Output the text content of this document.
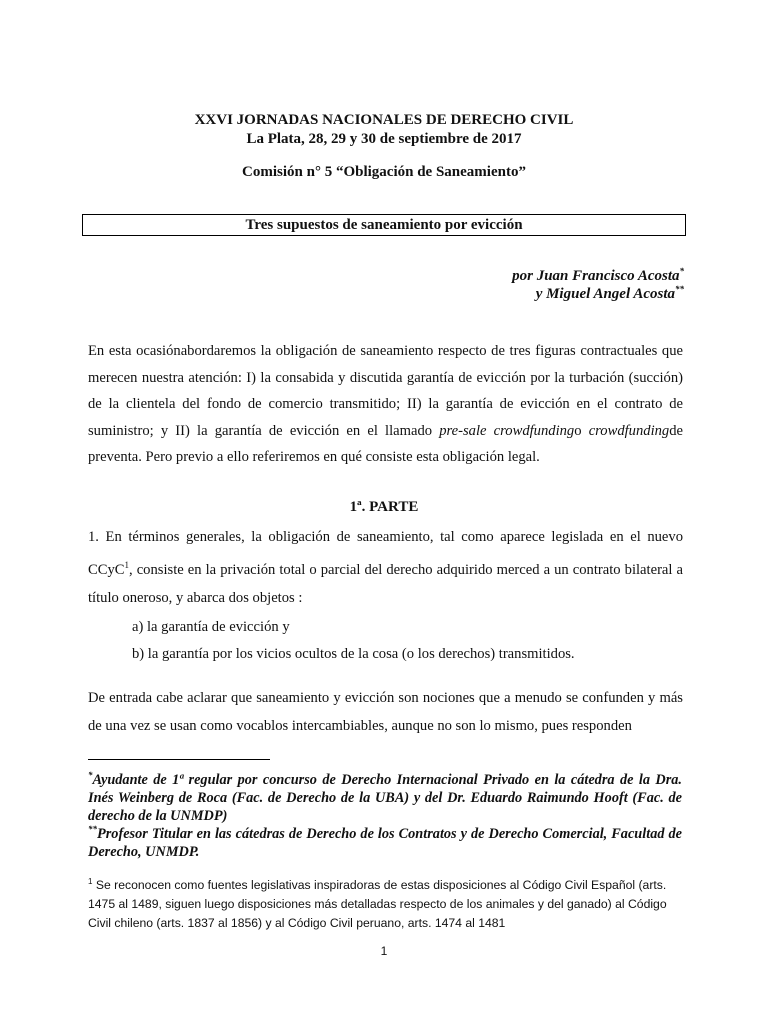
XXVI JORNADAS NACIONALES DE DERECHO CIVIL
La Plata, 28, 29 y 30 de septiembre de 2017
Comisión n° 5 “Obligación de Saneamiento”
Tres supuestos de saneamiento por evicción
por Juan Francisco Acosta*
y Miguel Angel Acosta**
En esta ocasiónabordaremos la obligación de saneamiento respecto de tres figuras contractuales que merecen nuestra atención: I) la consabida y discutida garantía de evicción por la turbación (succión) de la clientela del fondo de comercio transmitido; II) la garantía de evicción en el contrato de suministro; y II) la garantía de evicción en el llamado pre-sale crowdfundingo crowdfundingde preventa. Pero previo a ello referiremos en qué consiste esta obligación legal.
1ª. PARTE
1. En términos generales, la obligación de saneamiento, tal como aparece legislada en el nuevo CCyC$^1$, consiste en la privación total o parcial del derecho adquirido merced a un contrato bilateral a título oneroso, y abarca dos objetos :
a) la garantía de evicción y
b) la garantía por los vicios ocultos de la cosa (o los derechos) transmitidos.
De entrada cabe aclarar que saneamiento y evicción son nociones que a menudo se confunden y más de una vez se usan como vocablos intercambiables, aunque no son lo mismo, pues responden
*Ayudante de 1ª regular por concurso de Derecho Internacional Privado en la cátedra de la Dra. Inés Weinberg de Roca (Fac. de Derecho de la UBA) y del Dr. Eduardo Raimundo Hooft (Fac. de derecho de la UNMDP)
**Profesor Titular en las cátedras de Derecho de los Contratos y de Derecho Comercial, Facultad de Derecho, UNMDP.
$^1$ Se reconocen como fuentes legislativas inspiradoras de estas disposiciones al Código Civil Español (arts. 1475 al 1489, siguen luego disposiciones más detalladas respecto de los animales y del ganado) al Código Civil chileno (arts. 1837 al 1856) y al Código Civil peruano, arts. 1474 al 1481
1
